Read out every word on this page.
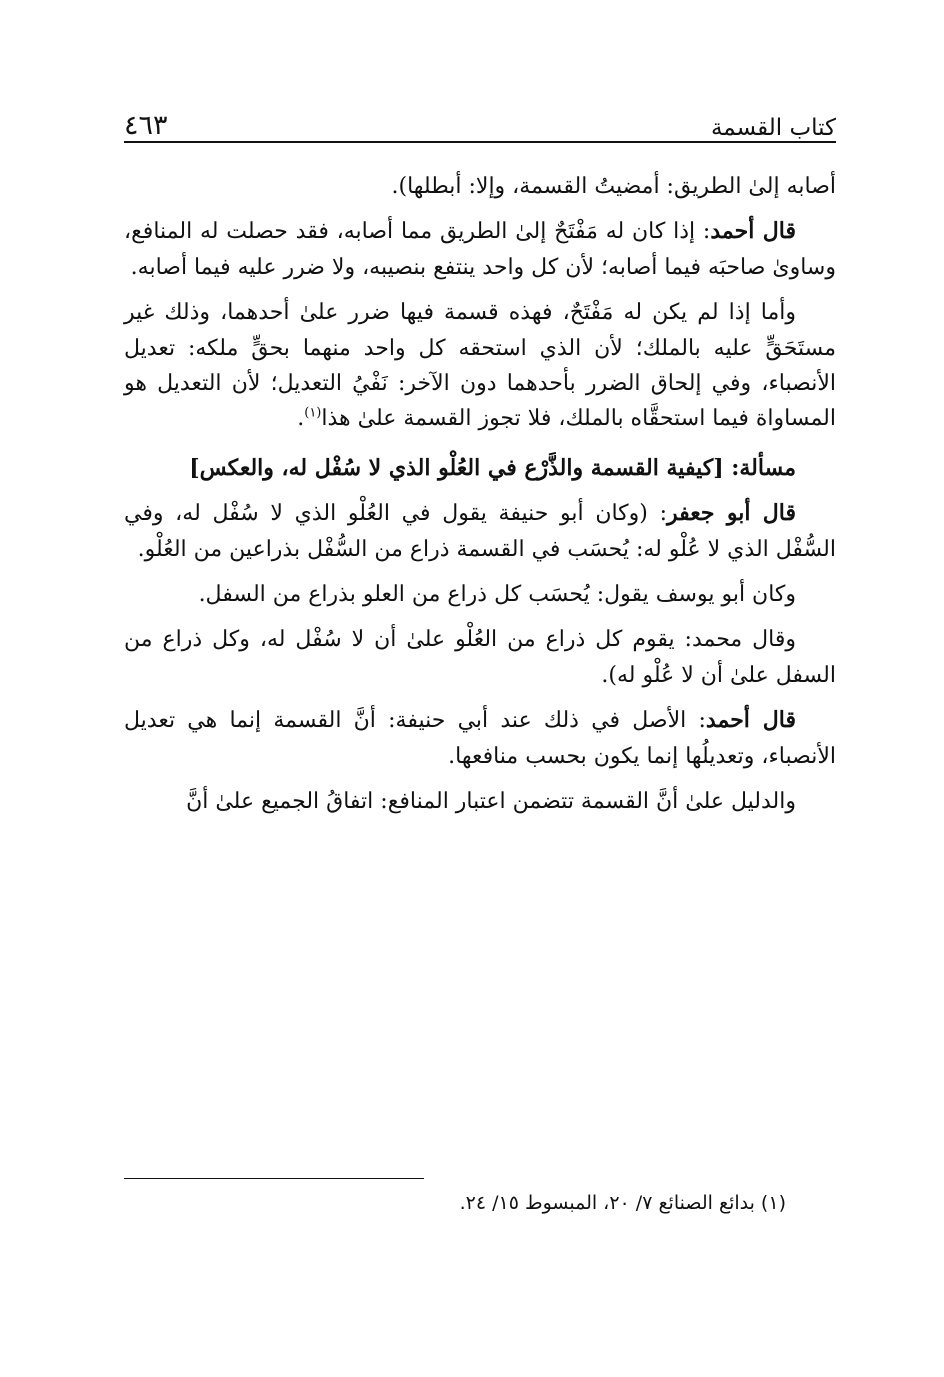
كتاب القسمة
٤٦٣

أصابه إلىٰ الطريق: أمضيتُ القسمة، وإلا: أبطلها).

قال أحمد: إذا كان له مَفْتَحٌ إلىٰ الطريق مما أصابه، فقد حصلت له المنافع، وساوىٰ صاحبَه فيما أصابه؛ لأن كل واحد ينتفع بنصيبه، ولا ضرر عليه فيما أصابه.

وأما إذا لم يكن له مَفْتَحٌ، فهذه قسمة فيها ضرر علىٰ أحدهما، وذلك غير مستَحَقٍّ عليه بالملك؛ لأن الذي استحقه كل واحد منهما بحقٍّ ملكه: تعديل الأنصباء، وفي إلحاق الضرر بأحدهما دون الآخر: نَفْيُ التعديل؛ لأن التعديل هو المساواة فيما استحقَّاه بالملك، فلا تجوز القسمة علىٰ هذا$^{(١)}$.

مسألة: [كيفية القسمة والذَّرْع في العُلْو الذي لا سُفْل له، والعكس]

قال أبو جعفر: (وكان أبو حنيفة يقول في العُلْو الذي لا سُفْل له، وفي السُّفْل الذي لا عُلْو له: يُحسَب في القسمة ذراع من السُّفْل بذراعين من العُلْو.

وكان أبو يوسف يقول: يُحسَب كل ذراع من العلو بذراع من السفل.

وقال محمد: يقوم كل ذراع من العُلْو علىٰ أن لا سُفْل له، وكل ذراع من السفل علىٰ أن لا عُلْو له).

قال أحمد: الأصل في ذلك عند أبي حنيفة: أنَّ القسمة إنما هي تعديل الأنصباء، وتعديلُها إنما يكون بحسب منافعها.

والدليل علىٰ أنَّ القسمة تتضمن اعتبار المنافع: اتفاقُ الجميع علىٰ أنَّ

(١) بدائع الصنائع ٧/ ٢٠، المبسوط ١٥/ ٢٤.
